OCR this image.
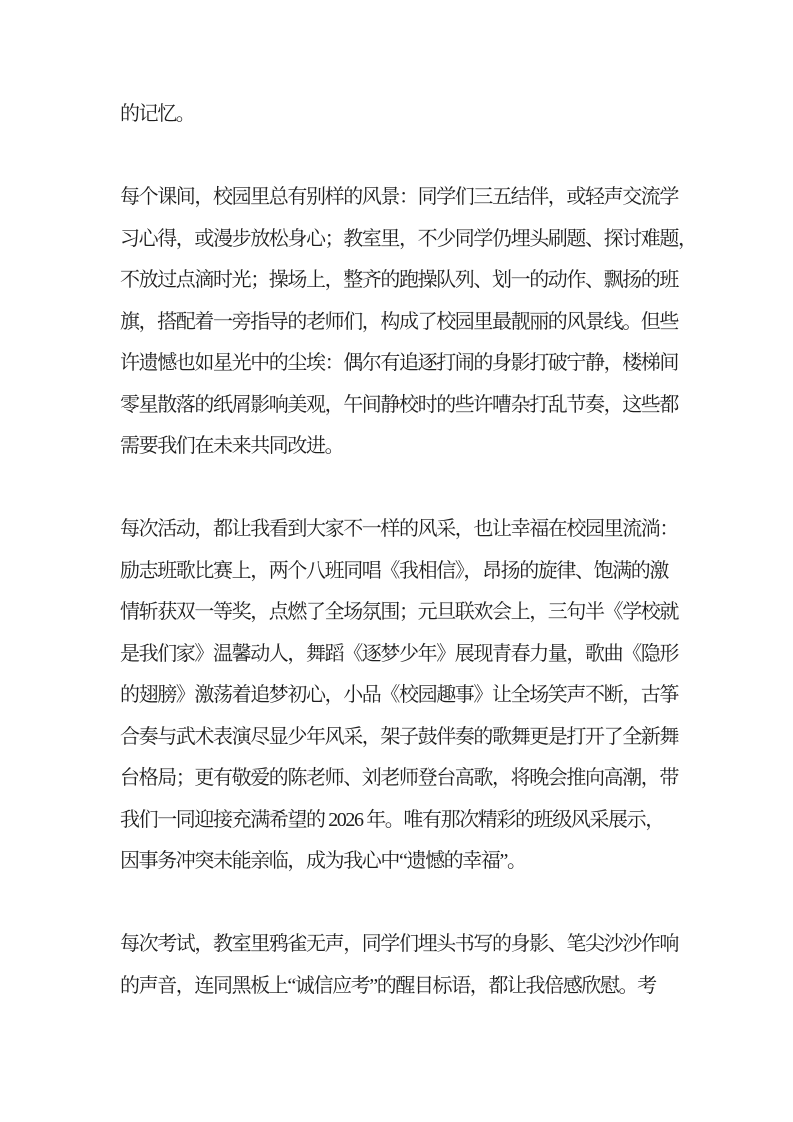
的记忆。
每个课间，校园里总有别样的风景：同学们三五结伴，或轻声交流学
习心得，或漫步放松身心；教室里，不少同学仍埋头刷题、探讨难题，
不放过点滴时光；操场上，整齐的跑操队列、划一的动作、飘扬的班
旗，搭配着一旁指导的老师们，构成了校园里最靓丽的风景线。但些
许遗憾也如星光中的尘埃：偶尔有追逐打闹的身影打破宁静，楼梯间
零星散落的纸屑影响美观，午间静校时的些许嘈杂打乱节奏，这些都
需要我们在未来共同改进。
每次活动，都让我看到大家不一样的风采，也让幸福在校园里流淌：
励志班歌比赛上，两个八班同唱《我相信》，昂扬的旋律、饱满的激
情斩获双一等奖，点燃了全场氛围；元旦联欢会上，三句半《学校就
是我们家》温馨动人，舞蹈《逐梦少年》展现青春力量，歌曲《隐形
的翅膀》激荡着追梦初心，小品《校园趣事》让全场笑声不断，古筝
合奏与武术表演尽显少年风采，架子鼓伴奏的歌舞更是打开了全新舞
台格局；更有敬爱的陈老师、刘老师登台高歌，将晚会推向高潮，带
我们一同迎接充满希望的 2026 年。唯有那次精彩的班级风采展示，
因事务冲突未能亲临，成为我心中“遗憾的幸福”。
每次考试，教室里鸦雀无声，同学们埋头书写的身影、笔尖沙沙作响
的声音，连同黑板上“诚信应考”的醒目标语，都让我倍感欣慰。考
